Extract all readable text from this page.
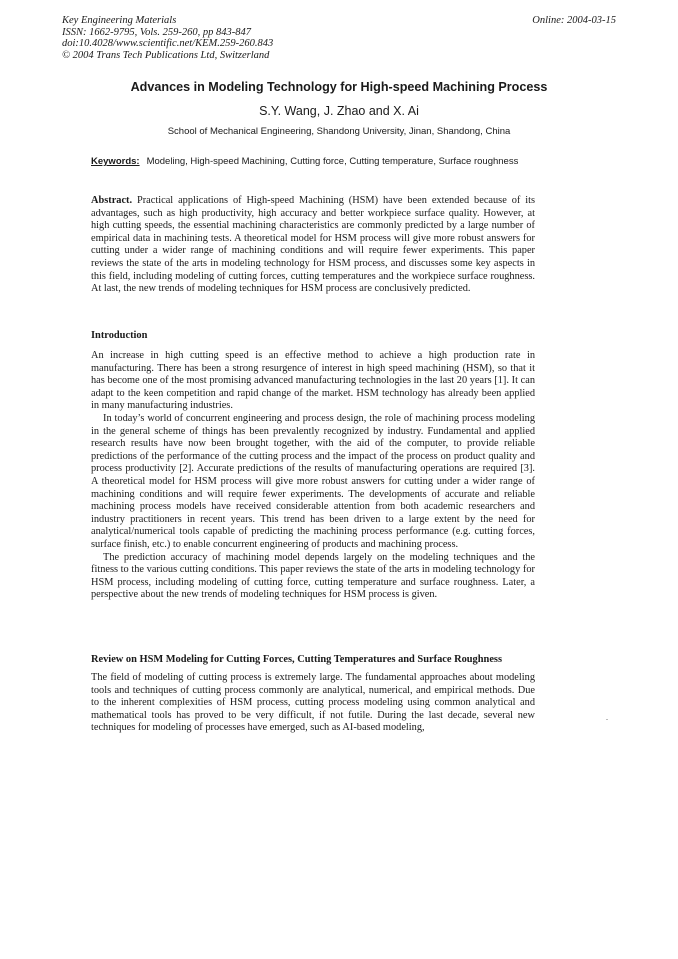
Key Engineering Materials
ISSN: 1662-9795, Vols. 259-260, pp 843-847
doi:10.4028/www.scientific.net/KEM.259-260.843
© 2004 Trans Tech Publications Ltd, Switzerland
Online: 2004-03-15
Advances in Modeling Technology for High-speed Machining Process
S.Y. Wang, J. Zhao and X. Ai
School of Mechanical Engineering, Shandong University, Jinan, Shandong, China
Keywords: Modeling, High-speed Machining, Cutting force, Cutting temperature, Surface roughness

Abstract. Practical applications of High-speed Machining (HSM) have been extended because of its advantages, such as high productivity, high accuracy and better workpiece surface quality. However, at high cutting speeds, the essential machining characteristics are commonly predicted by a large number of empirical data in machining tests. A theoretical model for HSM process will give more robust answers for cutting under a wider range of machining conditions and will require fewer experiments. This paper reviews the state of the arts in modeling technology for HSM process, and discusses some key aspects in this field, including modeling of cutting forces, cutting temperatures and the workpiece surface roughness. At last, the new trends of modeling techniques for HSM process are conclusively predicted.

Introduction

An increase in high cutting speed is an effective method to achieve a high production rate in manufacturing. There has been a strong resurgence of interest in high speed machining (HSM), so that it has become one of the most promising advanced manufacturing technologies in the last 20 years [1]. It can adapt to the keen competition and rapid change of the market. HSM technology has already been applied in many manufacturing industries.

In today’s world of concurrent engineering and process design, the role of machining process modeling in the general scheme of things has been prevalently recognized by industry. Fundamental and applied research results have now been brought together, with the aid of the computer, to provide reliable predictions of the performance of the cutting process and the impact of the process on product quality and process productivity [2]. Accurate predictions of the results of manufacturing operations are required [3]. A theoretical model for HSM process will give more robust answers for cutting under a wider range of machining conditions and will require fewer experiments. The developments of accurate and reliable machining process models have received considerable attention from both academic researchers and industry practitioners in recent years. This trend has been driven to a large extent by the need for analytical/numerical tools capable of predicting the machining process performance (e.g. cutting forces, surface finish, etc.) to enable concurrent engineering of products and machining process.

The prediction accuracy of machining model depends largely on the modeling techniques and the fitness to the various cutting conditions. This paper reviews the state of the arts in modeling technology for HSM process, including modeling of cutting force, cutting temperature and surface roughness. Later, a perspective about the new trends of modeling techniques for HSM process is given.

Review on HSM Modeling for Cutting Forces, Cutting Temperatures and Surface Roughness

The field of modeling of cutting process is extremely large. The fundamental approaches about modeling tools and techniques of cutting process commonly are analytical, numerical, and empirical methods. Due to the inherent complexities of HSM process, cutting process modeling using common analytical and mathematical tools has proved to be very difficult, if not futile. During the last decade, several new techniques for modeling of processes have emerged, such as AI-based modeling,
